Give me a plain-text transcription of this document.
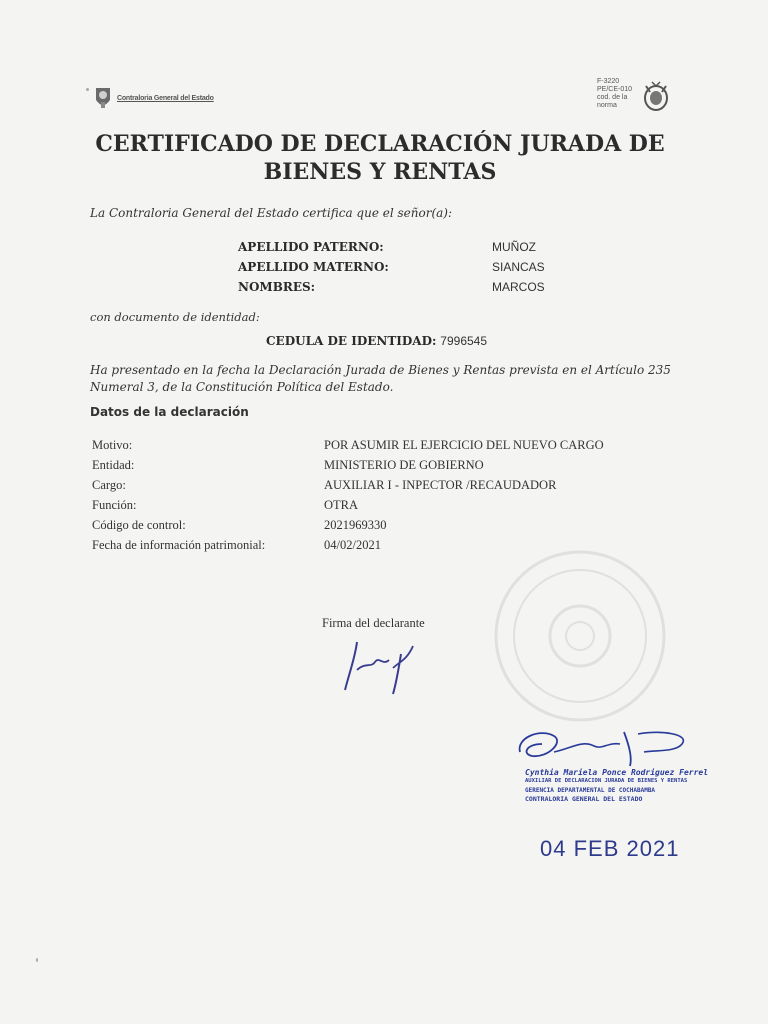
Contraloria General del Estado
F-3220
PE/CE-010
cod. de la
norma
CERTIFICADO DE DECLARACIÓN JURADA DE
BIENES Y RENTAS
La Contraloria General del Estado certifica que el señor(a):
APELLIDO PATERNO:	MUÑOZ
APELLIDO MATERNO:	SIANCAS
NOMBRES:	MARCOS
con documento de identidad:
CEDULA DE IDENTIDAD: 7996545
Ha presentado en la fecha la Declaración Jurada de Bienes y Rentas prevista en el Artículo 235
Numeral 3, de la Constitución Política del Estado.
Datos de la declaración
Motivo:	POR ASUMIR EL EJERCICIO DEL NUEVO CARGO
Entidad:	MINISTERIO DE GOBIERNO
Cargo:	AUXILIAR I - INPECTOR /RECAUDADOR
Función:	OTRA
Código de control:	2021969330
Fecha de información patrimonial:	04/02/2021
Firma del declarante
Cynthia Mariela Ponce Rodriguez Ferrel
AUXILIAR DE DECLARACION JURADA DE BIENES Y RENTAS
GERENCIA DEPARTAMENTAL DE COCHABAMBA
CONTRALORIA GENERAL DEL ESTADO
04 FEB 2021
